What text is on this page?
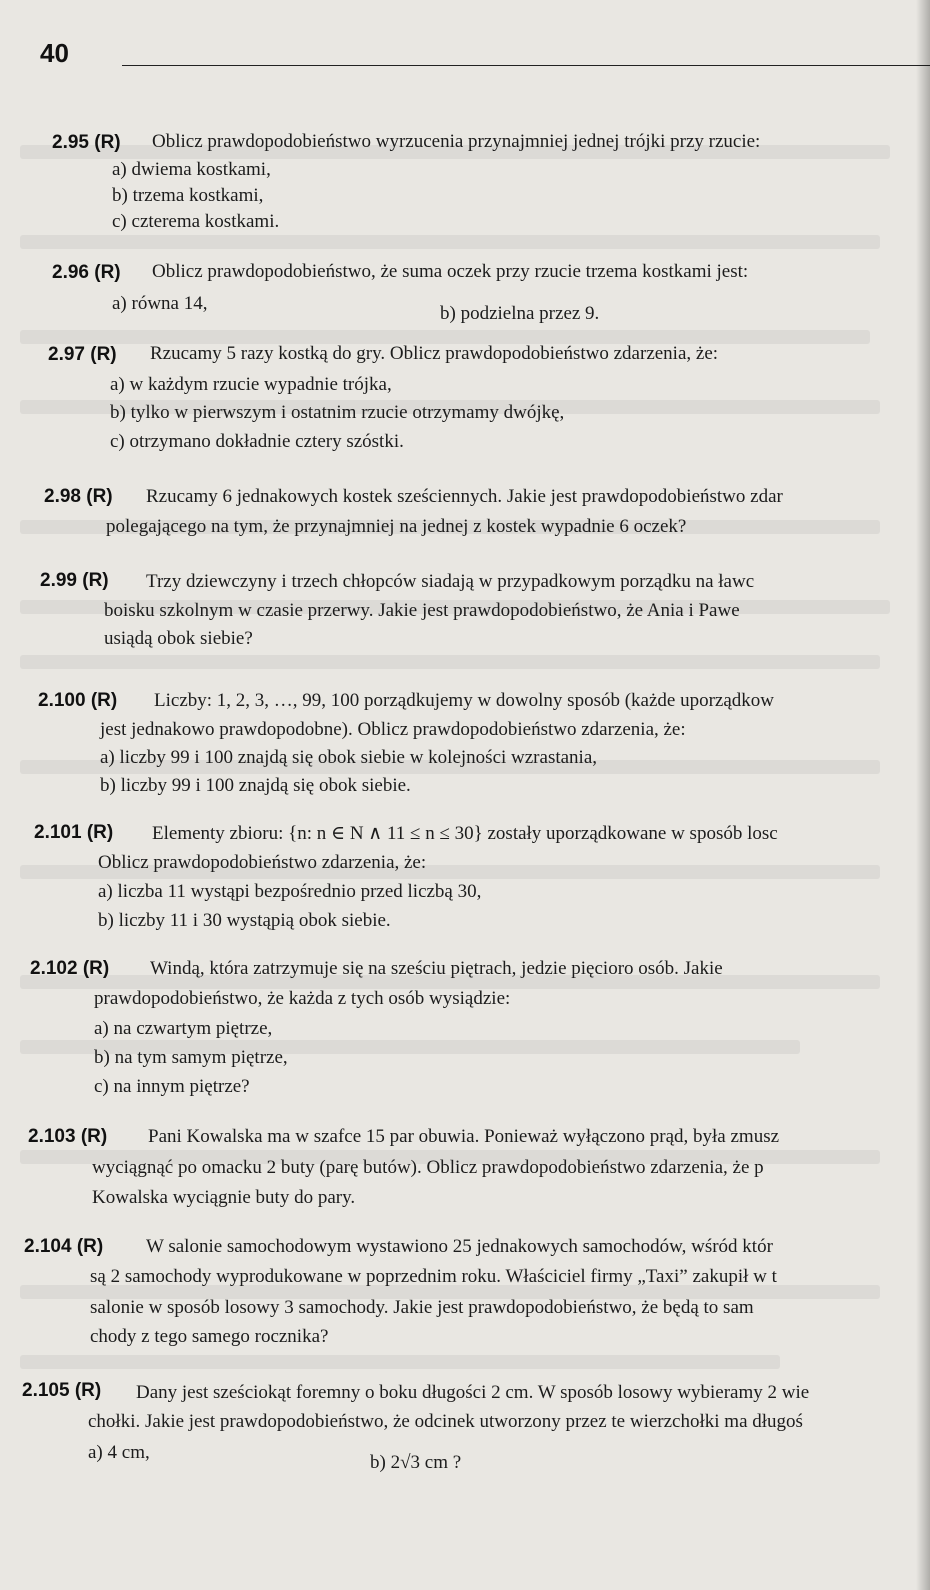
40
2.95 (R) Oblicz prawdopodobieństwo wyrzucenia przynajmniej jednej trójki przy rzucie:
a) dwiema kostkami,
b) trzema kostkami,
c) czterema kostkami.
2.96 (R) Oblicz prawdopodobieństwo, że suma oczek przy rzucie trzema kostkami jest:
a) równa 14,	b) podzielna przez 9.
2.97 (R) Rzucamy 5 razy kostką do gry. Oblicz prawdopodobieństwo zdarzenia, że:
a) w każdym rzucie wypadnie trójka,
b) tylko w pierwszym i ostatnim rzucie otrzymamy dwójkę,
c) otrzymano dokładnie cztery szóstki.
2.98 (R) Rzucamy 6 jednakowych kostek sześciennych. Jakie jest prawdopodobieństwo zdar
polegającego na tym, że przynajmniej na jednej z kostek wypadnie 6 oczek?
2.99 (R) Trzy dziewczyny i trzech chłopców siadają w przypadkowym porządku na ławc
boisku szkolnym w czasie przerwy. Jakie jest prawdopodobieństwo, że Ania i Pawe
usiądą obok siebie?
2.100 (R) Liczby: 1, 2, 3, …, 99, 100 porządkujemy w dowolny sposób (każde uporządkow
jest jednakowo prawdopodobne). Oblicz prawdopodobieństwo zdarzenia, że:
a) liczby 99 i 100 znajdą się obok siebie w kolejności wzrastania,
b) liczby 99 i 100 znajdą się obok siebie.
2.101 (R) Elementy zbioru: {n: n ∈ N ∧ 11 ≤ n ≤ 30} zostały uporządkowane w sposób losc
Oblicz prawdopodobieństwo zdarzenia, że:
a) liczba 11 wystąpi bezpośrednio przed liczbą 30,
b) liczby 11 i 30 wystąpią obok siebie.
2.102 (R) Windą, która zatrzymuje się na sześciu piętrach, jedzie pięcioro osób. Jakie
prawdopodobieństwo, że każda z tych osób wysiądzie:
a) na czwartym piętrze,
b) na tym samym piętrze,
c) na innym piętrze?
2.103 (R) Pani Kowalska ma w szafce 15 par obuwia. Ponieważ wyłączono prąd, była zmusz
wyciągnąć po omacku 2 buty (parę butów). Oblicz prawdopodobieństwo zdarzenia, że p
Kowalska wyciągnie buty do pary.
2.104 (R) W salonie samochodowym wystawiono 25 jednakowych samochodów, wśród któr
są 2 samochody wyprodukowane w poprzednim roku. Właściciel firmy „Taxi” zakupił w t
salonie w sposób losowy 3 samochody. Jakie jest prawdopodobieństwo, że będą to sam
chody z tego samego rocznika?
2.105 (R) Dany jest sześciokąt foremny o boku długości 2 cm. W sposób losowy wybieramy 2 wie
chołki. Jakie jest prawdopodobieństwo, że odcinek utworzony przez te wierzchołki ma długoś
a) 4 cm,	b) 2√3 cm ?
